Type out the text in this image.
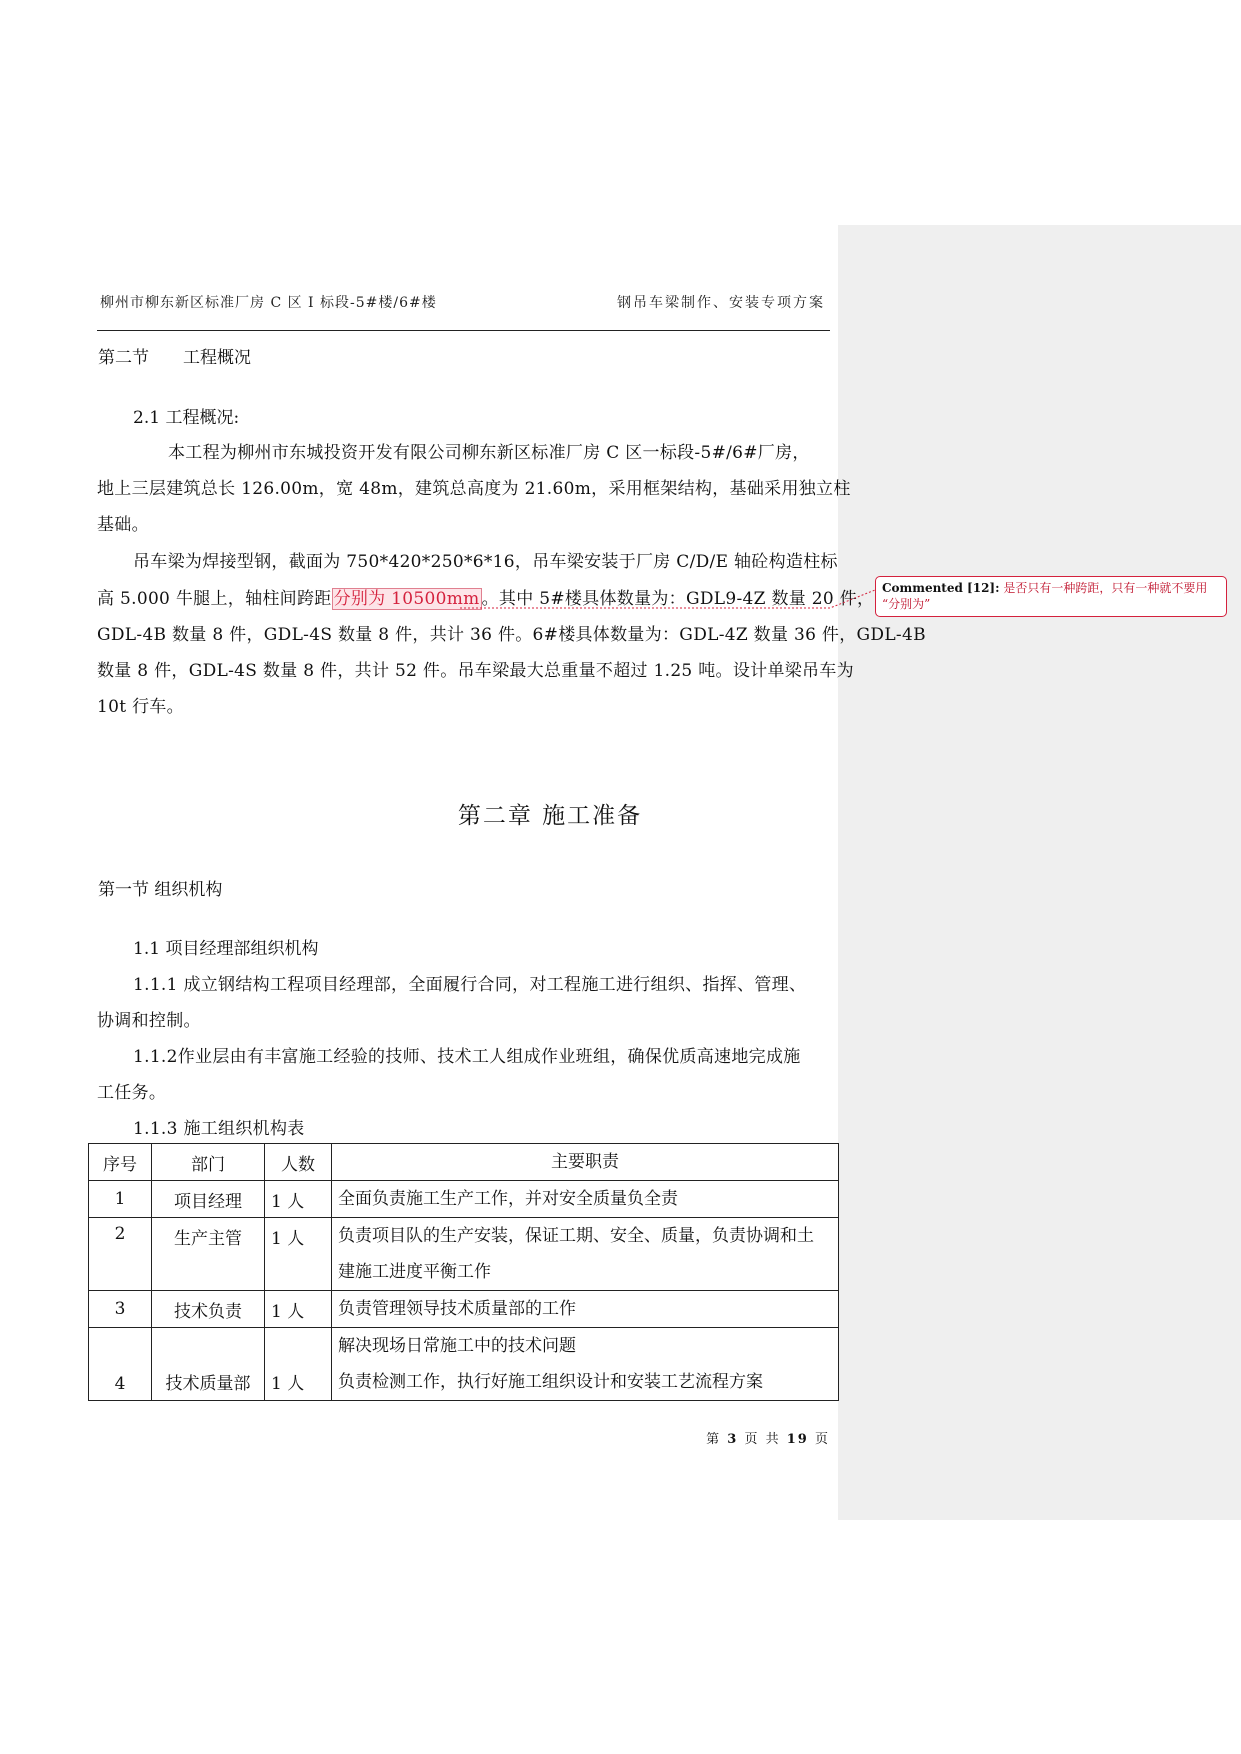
柳州市柳东新区标准厂房 C 区 I 标段-5#楼/6#楼	钢吊车梁制作、安装专项方案
第二节　　工程概况
2.1 工程概况:
本工程为柳州市东城投资开发有限公司柳东新区标准厂房 C 区一标段-5#/6#厂房，
地上三层建筑总长 126.00m，宽 48m，建筑总高度为 21.60m，采用框架结构，基础采用独立柱
基础。
吊车梁为焊接型钢，截面为 750*420*250*6*16，吊车梁安装于厂房 C/D/E 轴砼构造柱标
高 5.000 牛腿上，轴柱间跨距 分别为 10500mm 。其中 5#楼具体数量为：GDL9-4Z 数量 20 件，
GDL-4B 数量 8 件，GDL-4S 数量 8 件，共计 36 件。6#楼具体数量为：GDL-4Z 数量 36 件，GDL-4B
数量 8 件，GDL-4S 数量 8 件，共计 52 件。吊车梁最大总重量不超过 1.25 吨。设计单梁吊车为
10t 行车。
第二章 施工准备
第一节 组织机构
1.1 项目经理部组织机构
1.1.1 成立钢结构工程项目经理部，全面履行合同，对工程施工进行组织、指挥、管理、
协调和控制。
1.1.2作业层由有丰富施工经验的技师、技术工人组成作业班组，确保优质高速地完成施
工任务。
1.1.3 施工组织机构表
序号	部门	人数	主要职责
1	项目经理	1 人	全面负责施工生产工作，并对安全质量负全责
2	生产主管	1 人	负责项目队的生产安装，保证工期、安全、质量，负责协调和土
建施工进度平衡工作

3	技术负责	1 人	负责管理领导技术质量部的工作
4	技术质量部	1 人	解决现场日常施工中的技术问题
负责检测工作，执行好施工组织设计和安装工艺流程方案
第 3 页 共 19 页
Commented [12]: 是否只有一种跨距，只有一种就不要用
“分别为”
